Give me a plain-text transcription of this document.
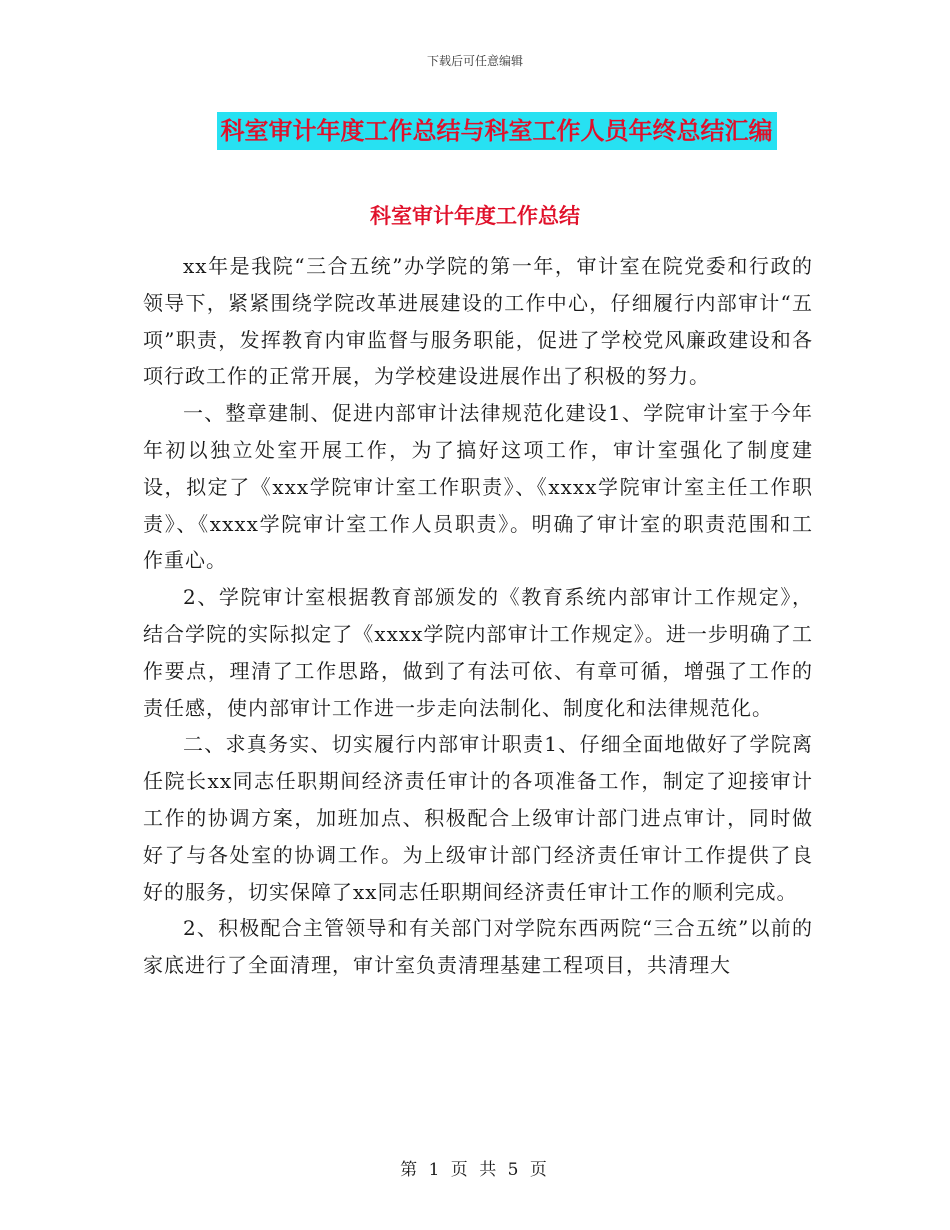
下载后可任意编辑
科室审计年度工作总结与科室工作人员年终总结汇编
科室审计年度工作总结

xx年是我院“三合五统”办学院的第一年，审计室在院党委和行政的领导下，紧紧围绕学院改革进展建设的工作中心，仔细履行内部审计“五项”职责，发挥教育内审监督与服务职能，促进了学校党风廉政建设和各项行政工作的正常开展，为学校建设进展作出了积极的努力。

一、整章建制、促进内部审计法律规范化建设1、学院审计室于今年年初以独立处室开展工作，为了搞好这项工作，审计室强化了制度建设，拟定了《xxx学院审计室工作职责》、《xxxx学院审计室主任工作职责》、《xxxx学院审计室工作人员职责》。明确了审计室的职责范围和工作重心。

2、学院审计室根据教育部颁发的《教育系统内部审计工作规定》，结合学院的实际拟定了《xxxx学院内部审计工作规定》。进一步明确了工作要点，理清了工作思路，做到了有法可依、有章可循，增强了工作的责任感，使内部审计工作进一步走向法制化、制度化和法律规范化。

二、求真务实、切实履行内部审计职责1、仔细全面地做好了学院离任院长xx同志任职期间经济责任审计的各项准备工作，制定了迎接审计工作的协调方案，加班加点、积极配合上级审计部门进点审计，同时做好了与各处室的协调工作。为上级审计部门经济责任审计工作提供了良好的服务，切实保障了xx同志任职期间经济责任审计工作的顺利完成。

2、积极配合主管领导和有关部门对学院东西两院“三合五统”以前的家底进行了全面清理，审计室负责清理基建工程项目，共清理大

第 1 页 共 5 页
